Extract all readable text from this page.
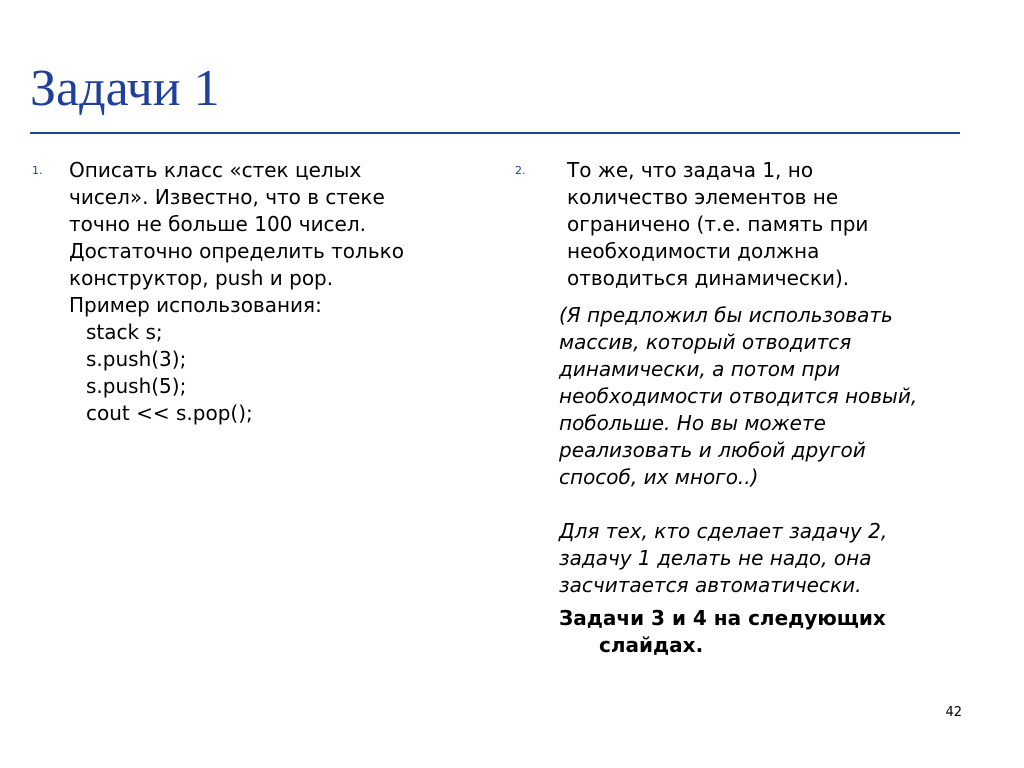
Задачи 1
1. Описать класс «стек целых
чисел». Известно, что в стеке
точно не больше 100 чисел.
Достаточно определить только
конструктор, push и pop.
Пример использования:
stack s;
s.push(3);
s.push(5);
cout << s.pop();
2. То же, что задача 1, но
количество элементов не
ограничено (т.е. память при
необходимости должна
отводиться динамически).
(Я предложил бы использовать
массив, который отводится
динамически, а потом при
необходимости отводится новый,
побольше. Но вы можете
реализовать и любой другой
способ, их много..)
Для тех, кто сделает задачу 2,
задачу 1 делать не надо, она
засчитается автоматически.
Задачи 3 и 4 на следующих
слайдах.
42
